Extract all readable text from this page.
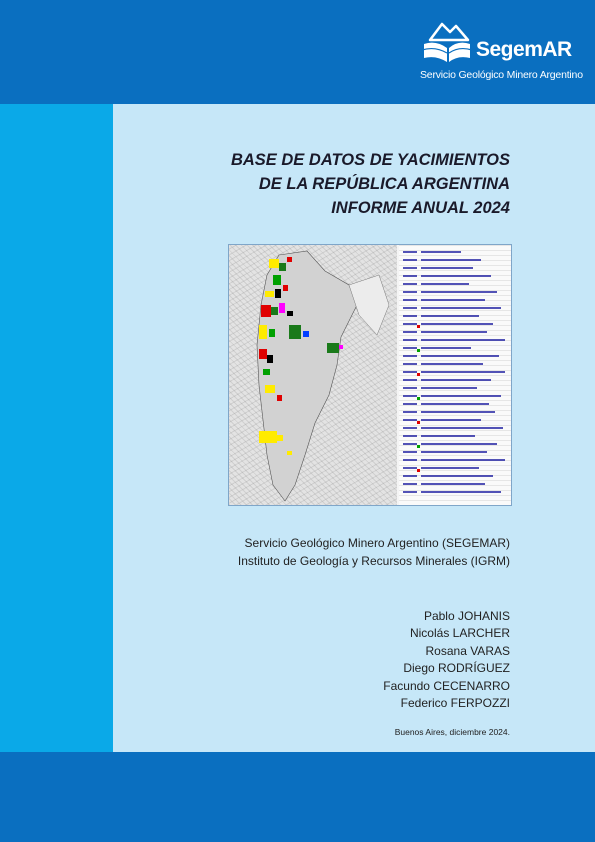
SegemAR
Servicio Geológico Minero Argentino
BASE DE DATOS DE YACIMIENTOS
DE LA REPÚBLICA ARGENTINA
INFORME ANUAL 2024
Servicio Geológico Minero Argentino (SEGEMAR)
Instituto de Geología y Recursos Minerales (IGRM)
Pablo JOHANIS
Nicolás LARCHER
Rosana VARAS
Diego RODRÍGUEZ
Facundo CECENARRO
Federico FERPOZZI
Buenos Aires, diciembre 2024.
